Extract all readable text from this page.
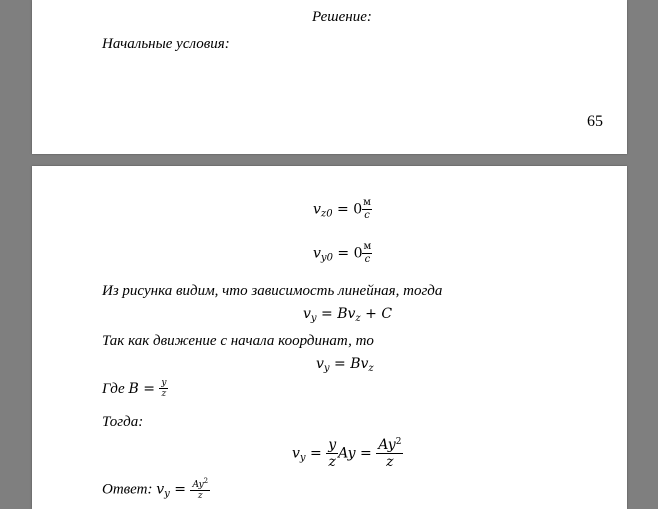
Решение:
Начальные условия:
65
$v_{z0} = 0 \frac{м}{c}$
$v_{y0} = 0 \frac{м}{c}$
Из рисунка видим, что зависимость линейная, тогда
$v_y = Bv_z + C$
Так как движение с начала координат, то
$v_y = Bv_z$
Где $B = \frac{y}{z}$
Тогда:
$v_y = \frac{y}{z}$ $Ay = \frac{Ay^2}{z}$
Ответ: $v_y = \frac{Ay^2}{z}$
